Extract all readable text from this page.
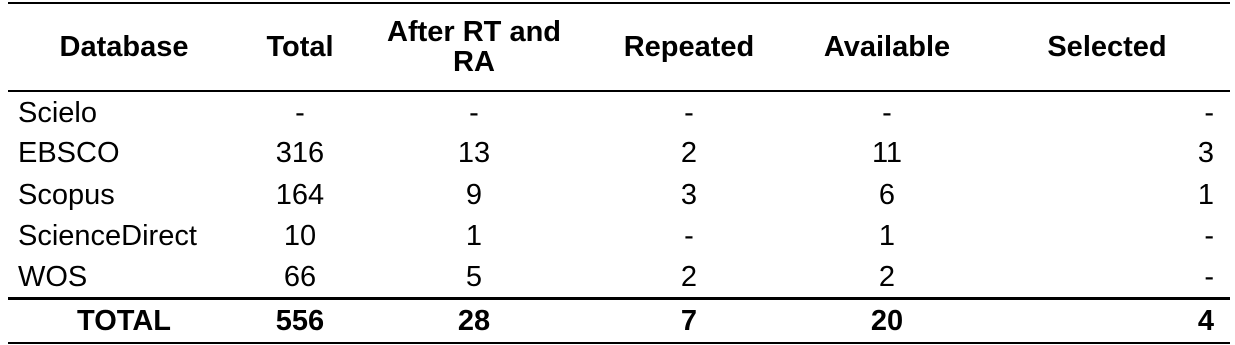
Database	Total	After RT and RA	Repeated	Available	Selected
Scielo	-	-	-	-	-
EBSCO	316	13	2	11	3
Scopus	164	9	3	6	1
ScienceDirect	10	1	-	1	-
WOS	66	5	2	2	-
TOTAL	556	28	7	20	4
